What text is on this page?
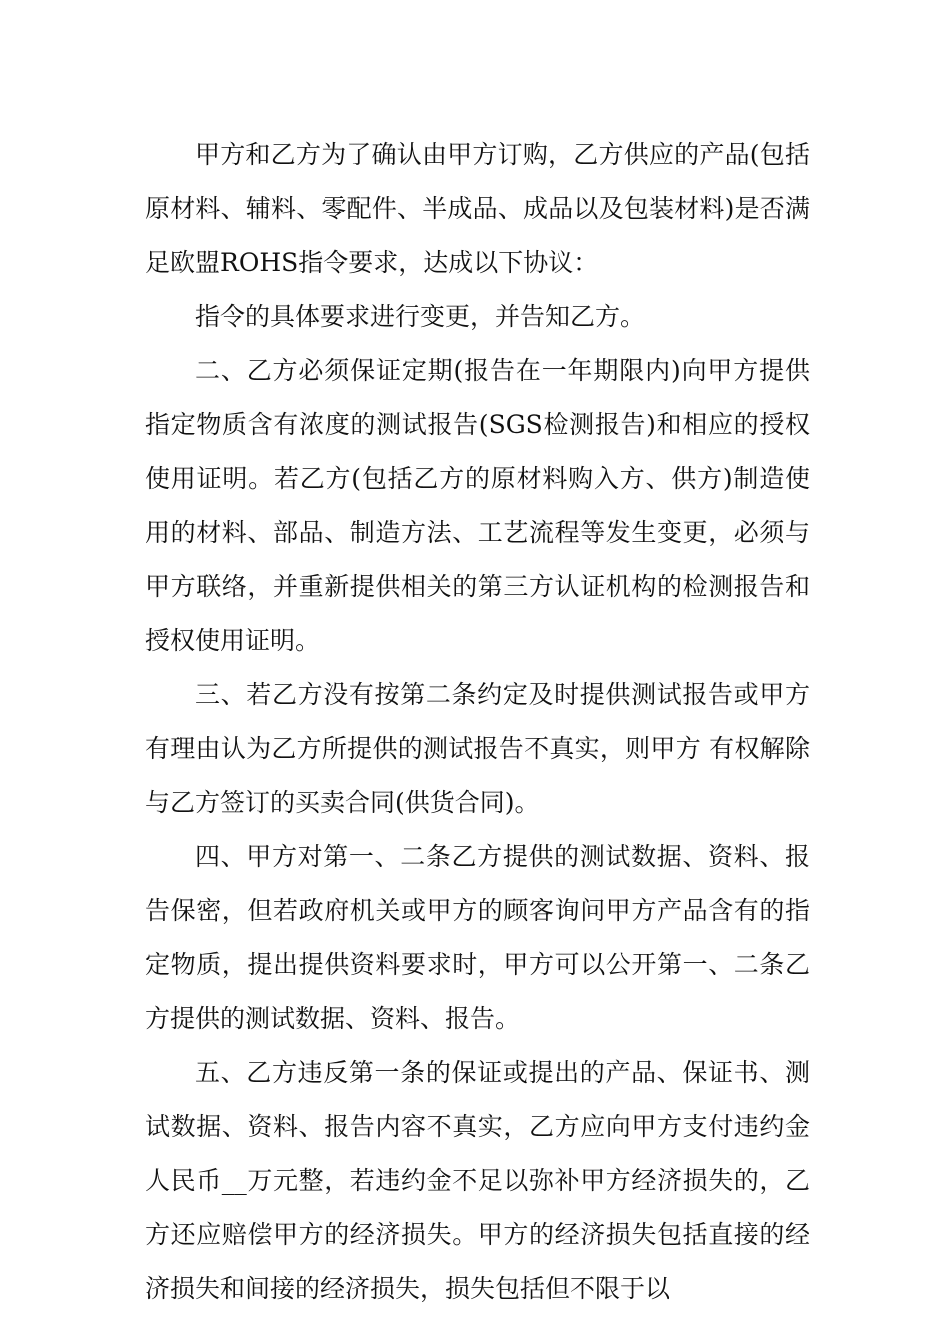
甲方和乙方为了确认由甲方订购，乙方供应的产品(包括原材料、辅料、零配件、半成品、成品以及包装材料)是否满足欧盟ROHS指令要求，达成以下协议：

指令的具体要求进行变更，并告知乙方。

二、乙方必须保证定期(报告在一年期限内)向甲方提供指定物质含有浓度的测试报告(SGS检测报告)和相应的授权使用证明。若乙方(包括乙方的原材料购入方、供方)制造使用的材料、部品、制造方法、工艺流程等发生变更，必须与甲方联络，并重新提供相关的第三方认证机构的检测报告和授权使用证明。

三、若乙方没有按第二条约定及时提供测试报告或甲方有理由认为乙方所提供的测试报告不真实，则甲方 有权解除与乙方签订的买卖合同(供货合同)。

四、甲方对第一、二条乙方提供的测试数据、资料、报告保密，但若政府机关或甲方的顾客询问甲方产品含有的指定物质，提出提供资料要求时，甲方可以公开第一、二条乙方提供的测试数据、资料、报告。

五、乙方违反第一条的保证或提出的产品、保证书、测试数据、资料、报告内容不真实，乙方应向甲方支付违约金人民币__万元整，若违约金不足以弥补甲方经济损失的，乙方还应赔偿甲方的经济损失。甲方的经济损失包括直接的经济损失和间接的经济损失，损失包括但不限于以
